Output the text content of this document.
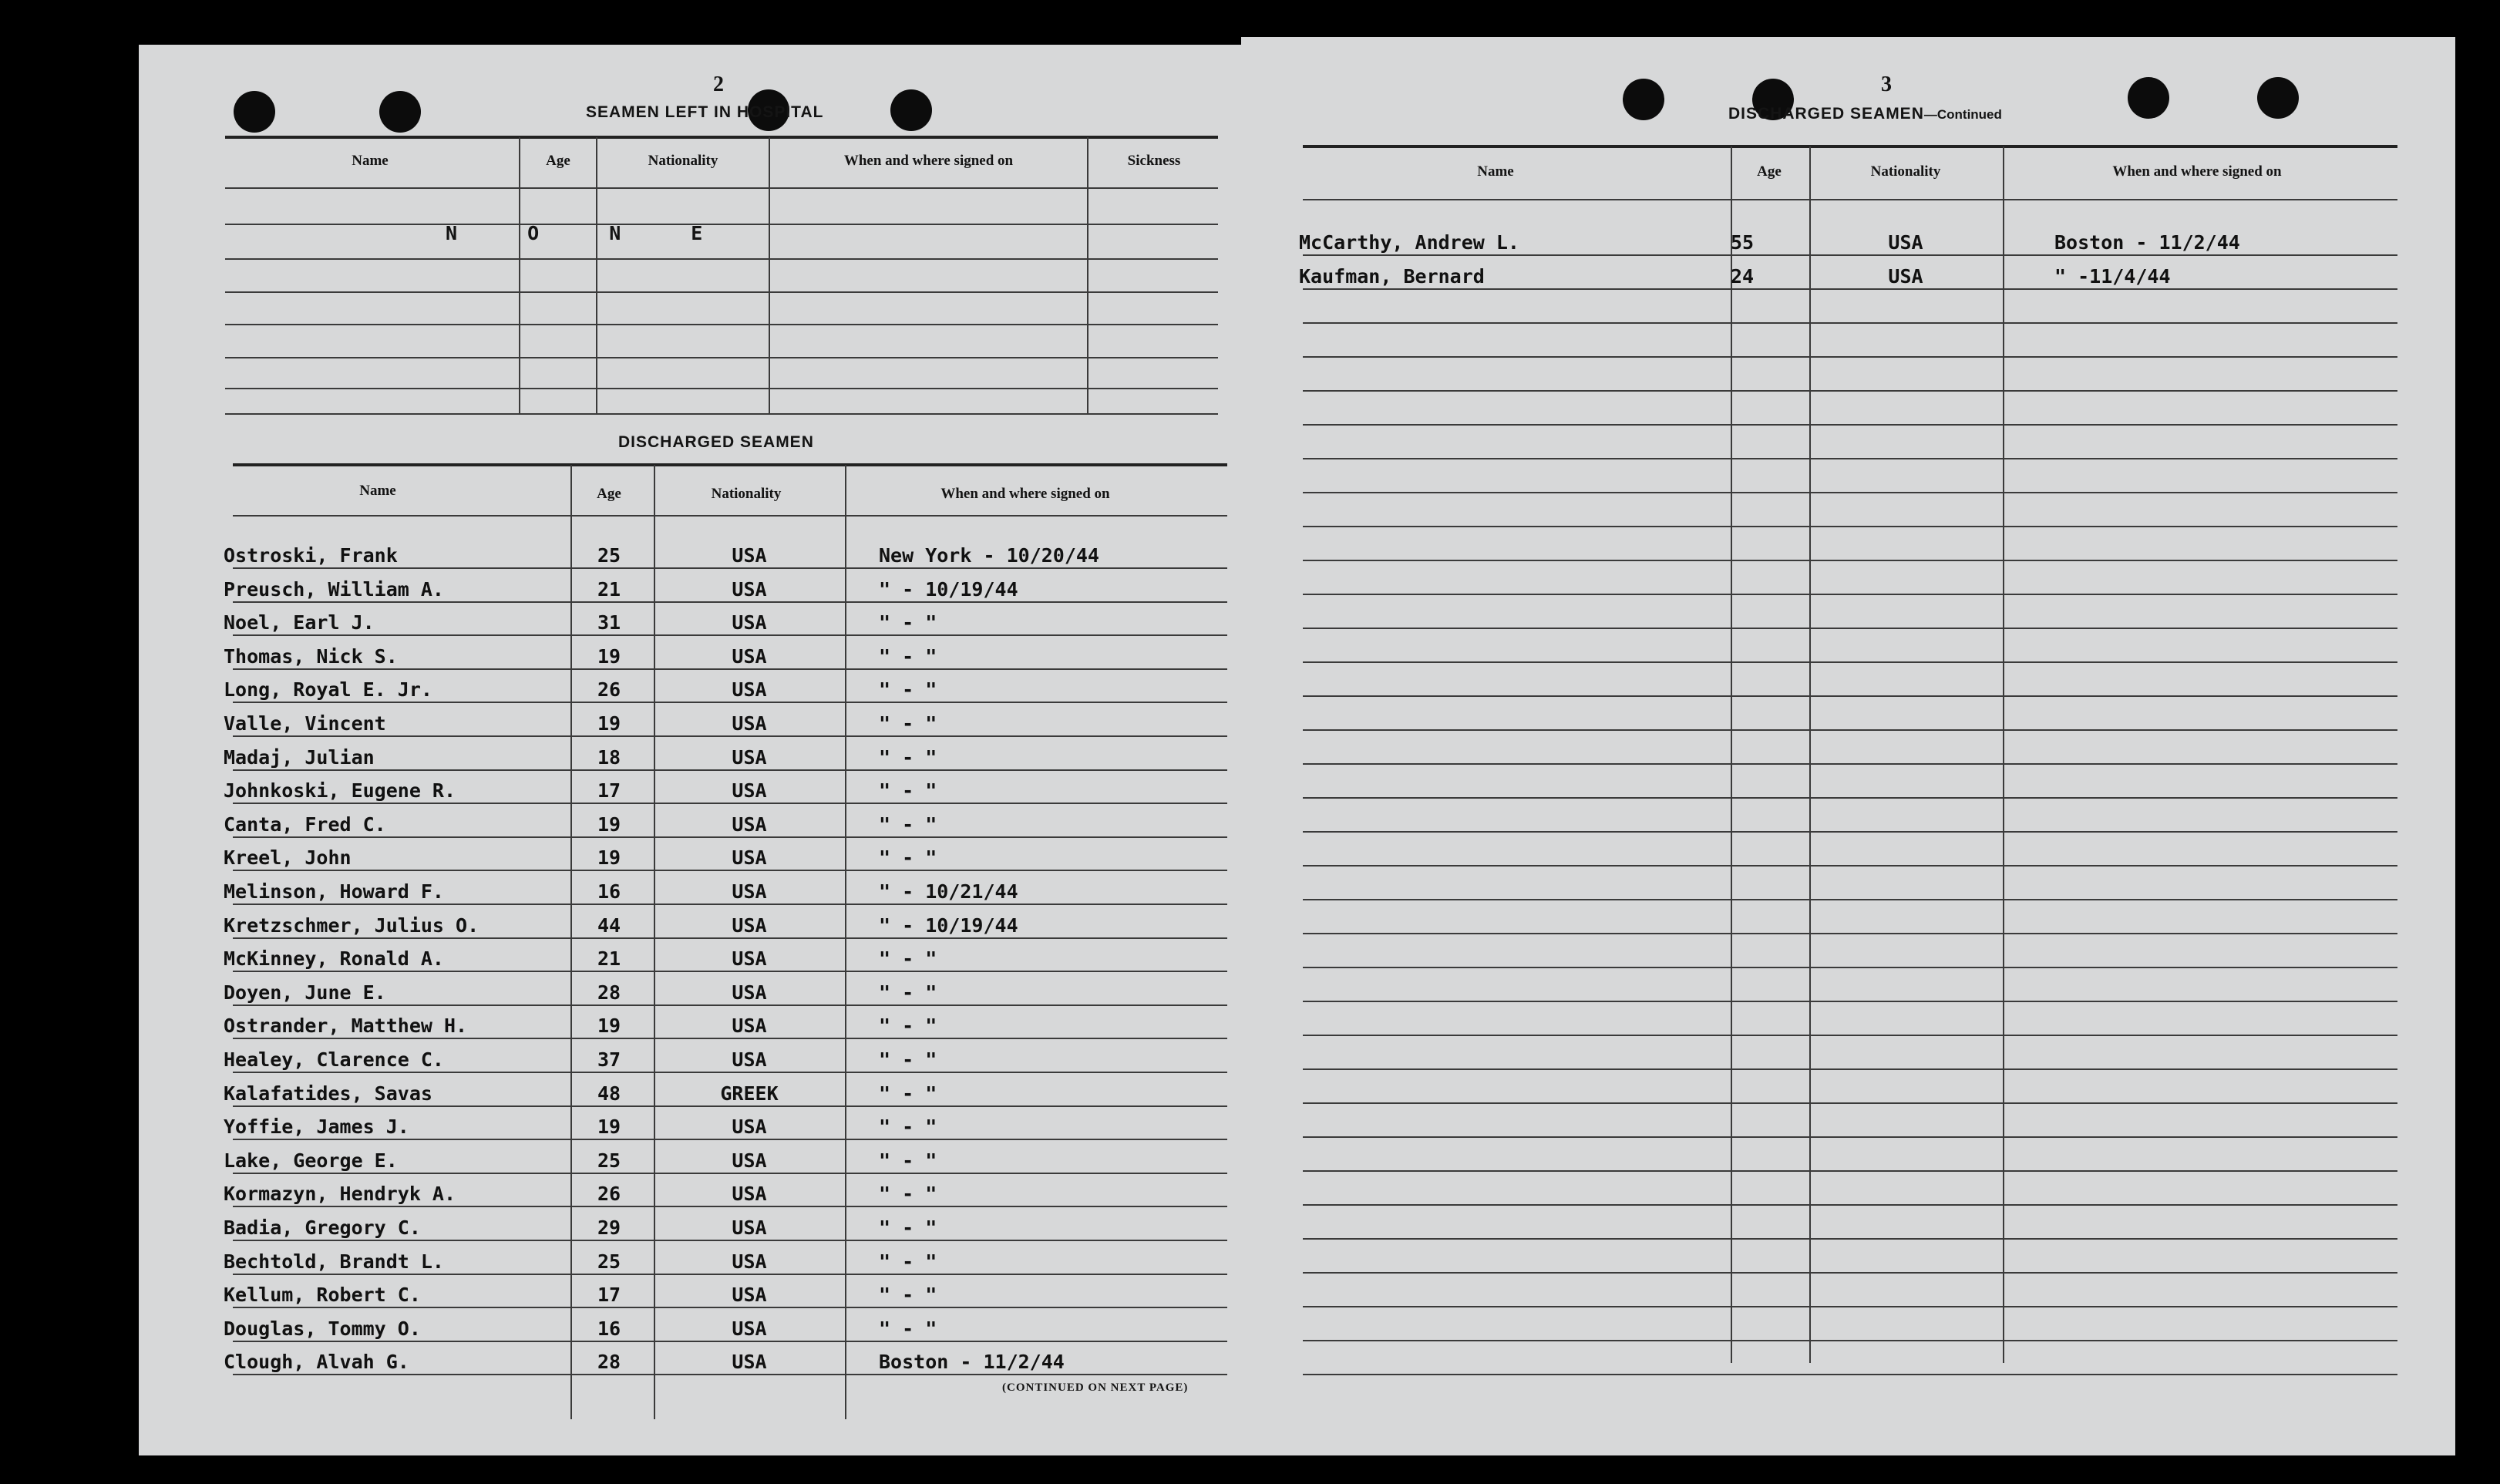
2
SEAMEN LEFT IN HOSPITAL
Name	Age	Nationality	When and where signed on	Sickness
N O N E
DISCHARGED SEAMEN
Name	Age	Nationality	When and where signed on
Ostroski, Frank	25	USA	New York - 10/20/44
Preusch, William A.	21	USA	" - 10/19/44
Noel, Earl J.	31	USA	" - "
Thomas, Nick S.	19	USA	" - "
Long, Royal E. Jr.	26	USA	" - "
Valle, Vincent	19	USA	" - "
Madaj, Julian	18	USA	" - "
Johnkoski, Eugene R.	17	USA	" - "
Canta, Fred C.	19	USA	" - "
Kreel, John	19	USA	" - "
Melinson, Howard F.	16	USA	" - 10/21/44
Kretzschmer, Julius O.	44	USA	" - 10/19/44
McKinney, Ronald A.	21	USA	" - "
Doyen, June E.	28	USA	" - "
Ostrander, Matthew H.	19	USA	" - "
Healey, Clarence C.	37	USA	" - "
Kalafatides, Savas	48	GREEK	" - "
Yoffie, James J.	19	USA	" - "
Lake, George E.	25	USA	" - "
Kormazyn, Hendryk A.	26	USA	" - "
Badia, Gregory C.	29	USA	" - "
Bechtold, Brandt L.	25	USA	" - "
Kellum, Robert C.	17	USA	" - "
Douglas, Tommy O.	16	USA	" - "
Clough, Alvah G.	28	USA	Boston - 11/2/44
(CONTINUED ON NEXT PAGE)
3
DISCHARGED SEAMEN—Continued
Name	Age	Nationality	When and where signed on
McCarthy, Andrew L.	55	USA	Boston - 11/2/44
Kaufman, Bernard	24	USA	" -11/4/44
